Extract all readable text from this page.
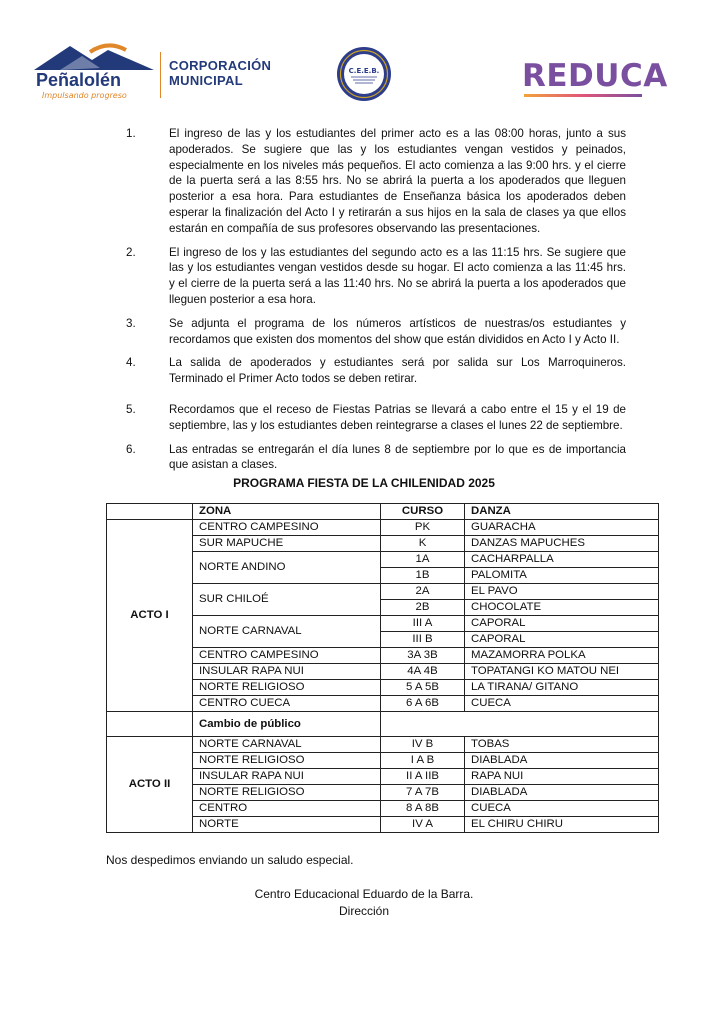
Peñalolén
Impulsando progreso
CORPORACIÓN
MUNICIPAL
C.E.E.B.	REDUCA
1.	El ingreso de las y los estudiantes del primer acto es a las 08:00 horas, junto a sus apoderados. Se sugiere que las y los estudiantes vengan vestidos y peinados, especialmente en los niveles más pequeños. El acto comienza a las 9:00 hrs. y el cierre de la puerta será a las 8:55 hrs. No se abrirá la puerta a los apoderados que lleguen posterior a esa hora. Para estudiantes de Enseñanza básica los apoderados deben esperar la finalización del Acto I y retirarán a sus hijos en la sala de clases ya que ellos estarán en compañía de sus profesores observando las presentaciones.
2.	El ingreso de los y las estudiantes del segundo acto es a las 11:15 hrs. Se sugiere que las y los estudiantes vengan vestidos desde su hogar. El acto comienza a las 11:45 hrs. y el cierre de la puerta será a las 11:40 hrs. No se abrirá la puerta a los apoderados que lleguen posterior a esa hora.
3.	Se adjunta el programa de los números artísticos de nuestras/os estudiantes y recordamos que existen dos momentos del show que están divididos en Acto I y Acto II.
4.	La salida de apoderados y estudiantes será por salida sur Los Marroquineros. Terminado el Primer Acto todos se deben retirar.
5.	Recordamos que el receso de Fiestas Patrias se llevará a cabo entre el 15 y el 19 de septiembre, las y los estudiantes deben reintegrarse a clases el lunes 22 de septiembre.
6.	Las entradas se entregarán el día lunes 8 de septiembre por lo que es de importancia que asistan a clases.
PROGRAMA FIESTA DE LA CHILENIDAD 2025
	ZONA	CURSO	DANZA
ACTO I	CENTRO CAMPESINO	PK	GUARACHA
	SUR MAPUCHE	K	DANZAS MAPUCHES
	NORTE ANDINO	1A	CACHARPALLA
		1B	PALOMITA
	SUR CHILOÉ	2A	EL PAVO
		2B	CHOCOLATE
	NORTE CARNAVAL	III A	CAPORAL
		III B	CAPORAL
	CENTRO CAMPESINO	3A 3B	MAZAMORRA POLKA
	INSULAR RAPA NUI	4A 4B	TOPATANGI KO MATOU NEI
	NORTE RELIGIOSO	5 A 5B	LA TIRANA/ GITANO
	CENTRO CUECA	6 A 6B	CUECA
	Cambio de público		
ACTO II	NORTE CARNAVAL	IV B	TOBAS
	NORTE RELIGIOSO	I A B	DIABLADA
	INSULAR RAPA NUI	II A IIB	RAPA NUI
	NORTE RELIGIOSO	7 A 7B	DIABLADA
	CENTRO	8 A 8B	CUECA
	NORTE	IV A	EL CHIRU CHIRU
Nos despedimos enviando un saludo especial.
Centro Educacional Eduardo de la Barra.
Dirección
